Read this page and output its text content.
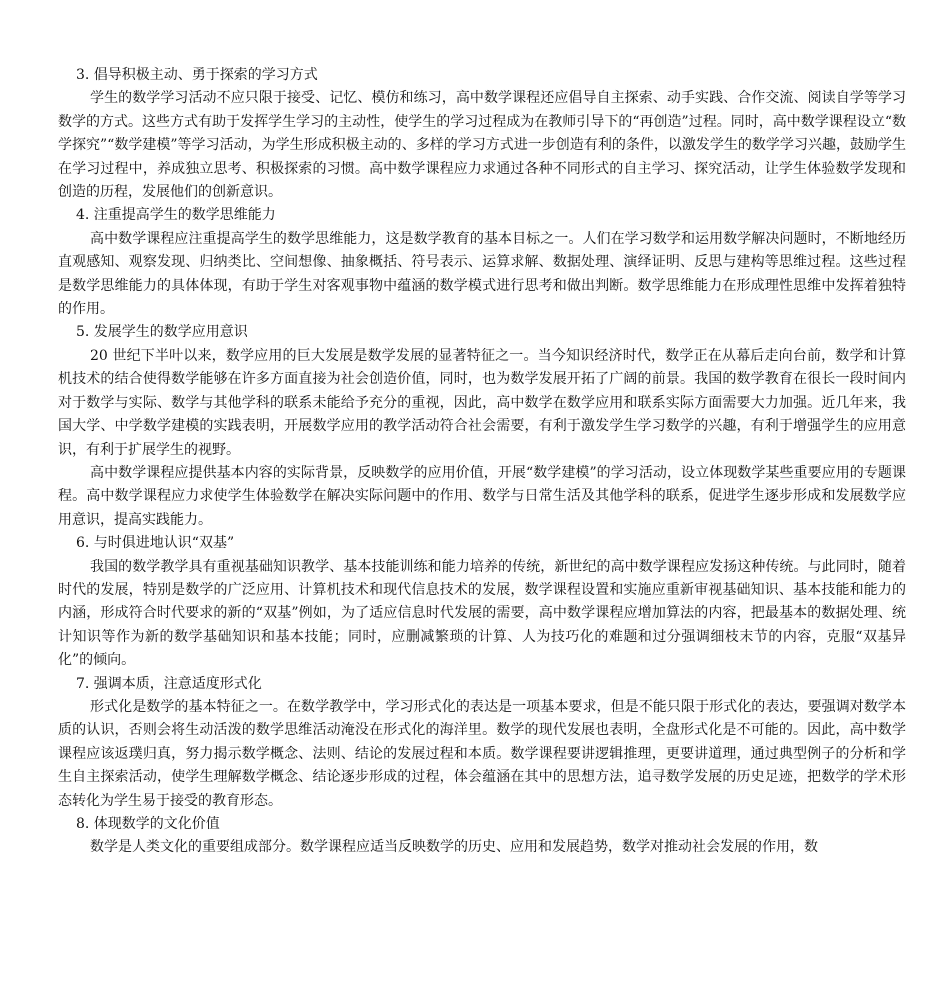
3. 倡导积极主动、勇于探索的学习方式

学生的数学学习活动不应只限于接受、记忆、模仿和练习，高中数学课程还应倡导自主探索、动手实践、合作交流、阅读自学等学习数学的方式。这些方式有助于发挥学生学习的主动性，使学生的学习过程成为在教师引导下的“再创造”过程。同时，高中数学课程设立“数学探究”“数学建模”等学习活动，为学生形成积极主动的、多样的学习方式进一步创造有利的条件，以激发学生的数学学习兴趣，鼓励学生在学习过程中，养成独立思考、积极探索的习惯。高中数学课程应力求通过各种不同形式的自主学习、探究活动，让学生体验数学发现和创造的历程，发展他们的创新意识。

4. 注重提高学生的数学思维能力

高中数学课程应注重提高学生的数学思维能力，这是数学教育的基本目标之一。人们在学习数学和运用数学解决问题时，不断地经历直观感知、观察发现、归纳类比、空间想像、抽象概括、符号表示、运算求解、数据处理、演绎证明、反思与建构等思维过程。这些过程是数学思维能力的具体体现，有助于学生对客观事物中蕴涵的数学模式进行思考和做出判断。数学思维能力在形成理性思维中发挥着独特的作用。

5. 发展学生的数学应用意识

20 世纪下半叶以来，数学应用的巨大发展是数学发展的显著特征之一。当今知识经济时代，数学正在从幕后走向台前，数学和计算机技术的结合使得数学能够在许多方面直接为社会创造价值，同时，也为数学发展开拓了广阔的前景。我国的数学教育在很长一段时间内对于数学与实际、数学与其他学科的联系未能给予充分的重视，因此，高中数学在数学应用和联系实际方面需要大力加强。近几年来，我国大学、中学数学建模的实践表明，开展数学应用的教学活动符合社会需要，有利于激发学生学习数学的兴趣，有利于增强学生的应用意识，有利于扩展学生的视野。

高中数学课程应提供基本内容的实际背景，反映数学的应用价值，开展“数学建模”的学习活动，设立体现数学某些重要应用的专题课程。高中数学课程应力求使学生体验数学在解决实际问题中的作用、数学与日常生活及其他学科的联系，促进学生逐步形成和发展数学应用意识，提高实践能力。

6. 与时俱进地认识“双基”

我国的数学教学具有重视基础知识教学、基本技能训练和能力培养的传统，新世纪的高中数学课程应发扬这种传统。与此同时，随着时代的发展，特别是数学的广泛应用、计算机技术和现代信息技术的发展，数学课程设置和实施应重新审视基础知识、基本技能和能力的内涵，形成符合时代要求的新的“双基”例如，为了适应信息时代发展的需要，高中数学课程应增加算法的内容，把最基本的数据处理、统计知识等作为新的数学基础知识和基本技能；同时，应删减繁琐的计算、人为技巧化的难题和过分强调细枝末节的内容，克服“双基异化”的倾向。

7. 强调本质，注意适度形式化

形式化是数学的基本特征之一。在数学教学中，学习形式化的表达是一项基本要求，但是不能只限于形式化的表达，要强调对数学本质的认识，否则会将生动活泼的数学思维活动淹没在形式化的海洋里。数学的现代发展也表明，全盘形式化是不可能的。因此，高中数学课程应该返璞归真，努力揭示数学概念、法则、结论的发展过程和本质。数学课程要讲逻辑推理，更要讲道理，通过典型例子的分析和学生自主探索活动，使学生理解数学概念、结论逐步形成的过程，体会蕴涵在其中的思想方法，追寻数学发展的历史足迹，把数学的学术形态转化为学生易于接受的教育形态。

8. 体现数学的文化价值

数学是人类文化的重要组成部分。数学课程应适当反映数学的历史、应用和发展趋势，数学对推动社会发展的作用，数
